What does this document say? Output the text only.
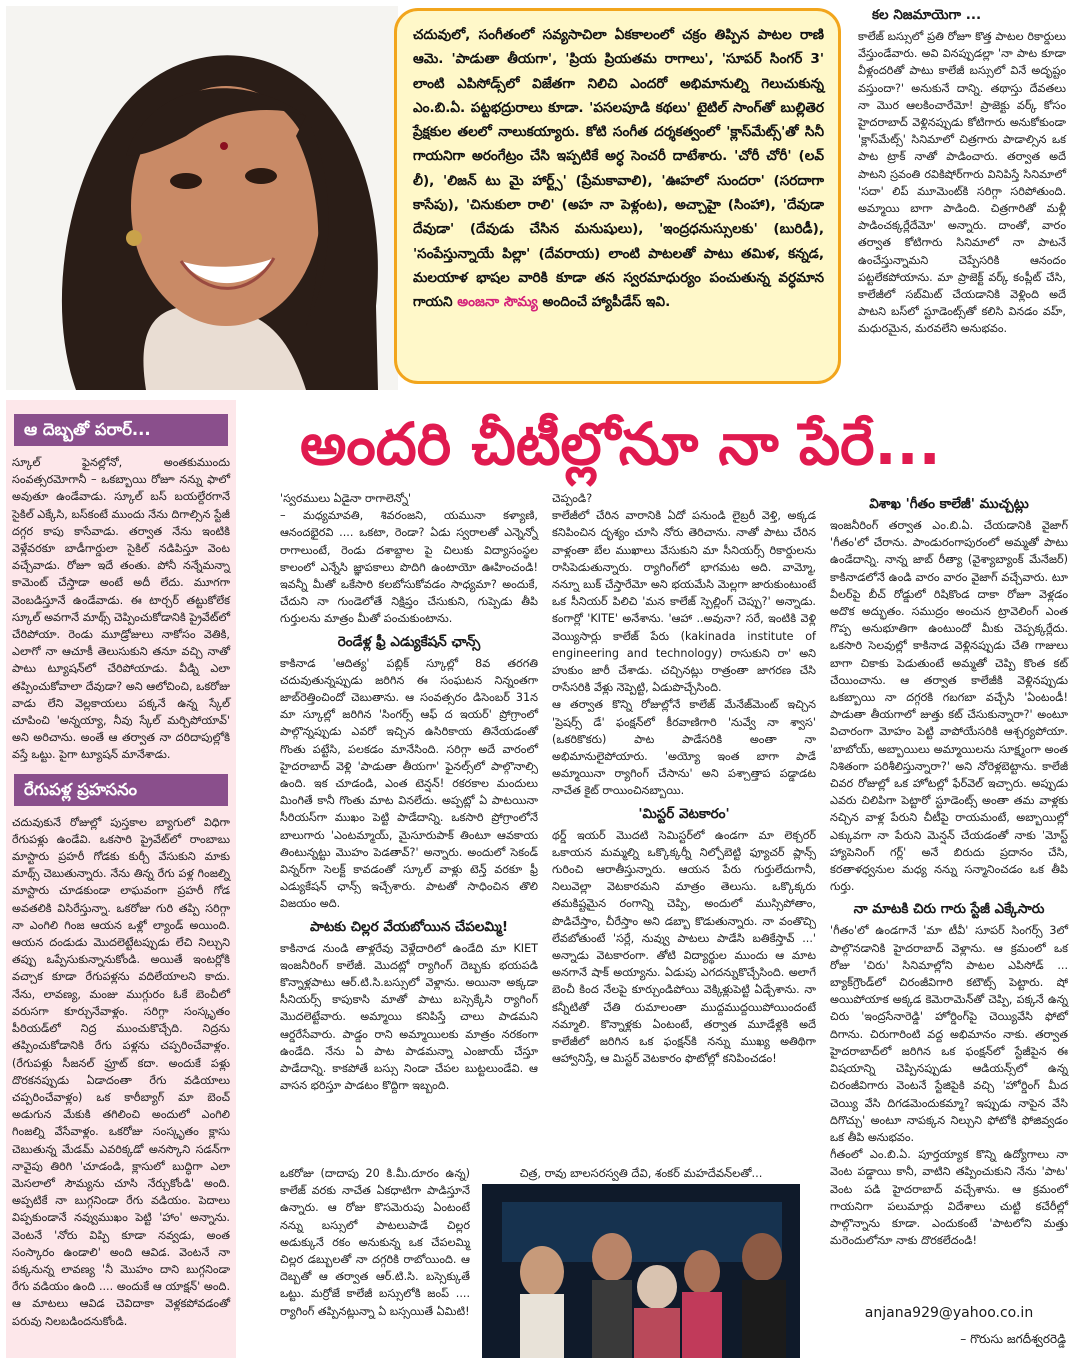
చదువులో, సంగీతంలో సవ్యసాచిలా ఏకకాలంలో చక్రం తిప్పిన పాటల రాణి ఆమె. 'పాడుతా తీయగా', 'ప్రియ ప్రియతమ రాగాలు', 'సూపర్ సింగర్ 3' లాంటి ఎపిసోడ్స్‌లో విజేతగా నిలిచి ఎందరో అభిమానుల్ని గెలుచుకున్న ఎం.బి.ఏ. పట్టభద్రురాలు కూడా. 'పసలపూడి కథలు' టైటిల్ సాంగ్‌తో బుల్లితెర ప్రేక్షకుల తలలో నాలుకయ్యారు. కోటి సంగీత దర్శకత్వంలో 'క్లాస్‌మేట్స్'తో సినీ గాయనిగా అరంగేట్రం చేసి ఇప్పటికే అర్ధ సెంచరీ దాటేశారు. 'చోరీ చోరీ' (లవ్ లీ), 'లిజన్ టు మై హార్ట్స్' (ప్రేమకావాలి), 'ఊహలో సుందరా' (సరదాగా కాసేపు), 'చినుకులా రాలి' (అహ నా పెళ్లంట), అచ్చాహై (సింహా), 'దేవుడా దేవుడా' (దేవుడు చేసిన మనుషులు), 'ఇంద్రధనుస్సులకు' (బురిడీ), 'సంపేస్తున్నాయే పిల్లా' (దేవరాయ) లాంటి పాటలతో పాటు తమిళ, కన్నడ, మలయాళ భాషల వారికి కూడా తన స్వరమాధుర్యం పంచుతున్న వర్ధమాన గాయని అంజనా సౌమ్య అందించే హ్యాపీడేస్ ఇవి.

కల నిజమాయెగా ...

కాలేజ్ బస్సులో ప్రతి రోజూ కొత్త పాటల రికార్డులు వేస్తుండేవారు. అవి వినప్పుడల్లా 'నా పాట కూడా వీళ్లందరితో పాటు కాలేజీ బస్సులో వినే అదృష్టం వస్తుందా?' అనుకునే దాన్ని. తథాస్తు దేవతలు నా మొర ఆలకించారేమో! ప్రాజెక్టు వర్క్ కోసం హైదరాబాద్ వెళ్లినప్పుడు కోటిగారు అనుకోకుండా 'క్లాస్‌మేట్స్' సినిమాలో చిత్రగారు పాడాల్సిన ఒక పాట ట్రాక్ నాతో పాడించారు. తర్వాత అదే పాటని స్రవంతి రవికిషోర్‌గారు వినిపిస్తే సినిమాలో 'సదా' లిప్ మూమెంట్‌కి సరిగ్గా సరిపోతుంది. అమ్మాయి బాగా పాడింది. చిత్రగారితో మళ్లీ పాడించక్కర్లేదేమో' అన్నారు. దాంతో, వారం తర్వాత కోటిగారు సినిమాలో నా పాటనే ఉంచేస్తున్నామని చెప్పేసరికి ఆనందం పట్టలేకపోయాను. మా ప్రాజెక్ట్ వర్క్ కంప్లీట్ చేసి, కాలేజీలో సబ్‌మిట్ చేయడానికి వెళ్లింది అదే పాటని బస్‌లో స్టూడెంట్స్‌తో కలిసి వినడం వహ్, మధురమైన, మరవలేని అనుభవం.

ఆ దెబ్బతో పరార్...

స్కూల్ ఫైనల్లోనో, అంతకుముందు సంవత్సరమోగానీ – ఒకబ్బాయి రోజూ నన్ను ఫాలో అవుతూ ఉండేవాడు. స్కూల్ బస్ బయల్దేరగానే సైకిల్ ఎక్కేసి, బస్‌కంటే ముందు నేను దిగాల్సిన స్టేజీ దగ్గర కాపు కాసేవాడు. తర్వాత నేను ఇంటికి వెళ్లేవరకూ బాడీగార్డులా సైకిల్ నడిపిస్తూ వెంట వచ్చేవాడు. రోజూ ఇదే తంతు. పోనీ నన్నేమన్నా కామెంట్ చేస్తాడా అంటే అదీ లేదు. మూగగా వెంబడిస్తూనే ఉండేవాడు. ఈ టార్చర్ తట్టుకోలేక స్కూల్ అవగానే మాథ్స్ చెప్పించుకోడానికి ప్రైవేట్‌లో చేరిపోయా. రెండు మూడ్రోజులు నాకోసం వెతికి, ఎలాగో నా ఆచూకీ తెలుసుకుని తనూ వచ్చి నాతో పాటు ట్యూషన్‌లో చేరిపోయాడు. వీడ్ని ఎలా తప్పించుకోవాలా దేవుడా? అని ఆలోచించి, ఒకరోజు వాడు లేని వెల్లకాయలు పక్కనే ఉన్న స్కేల్ చూపించి 'అన్నయ్యా, నీవు స్కేల్ మర్చిపోయావ్' అని అరిచాను. అంతే ఆ తర్వాత నా దరిదాపుల్లోకి వస్తే ఒట్టు. పైగా ట్యూషన్ మానేశాడు.

రేగుపళ్ల ప్రహసనం

చదువుకునే రోజుల్లో పుస్తకాల బ్యాగులో విధిగా రేగుపళ్లు ఉండేవి. ఒకసారి ప్రైవేట్‌లో రాంబాబు మాస్టారు ప్రహరీ గోడకు కుర్చీ వేసుకుని మాకు మాథ్స్ చెబుతున్నారు. నేను తిన్న రేగు పళ్ల గింజల్ని మాస్టారు చూడకుండా లాఘవంగా ప్రహరీ గోడ అవతలికి విసిరేస్తున్నా. ఒకరోజు గురి తప్పి సరిగ్గా నా ఎంగిలి గింజ ఆయన ఒళ్లో ల్యాండ్ అయింది. ఆయన దండుడు మొదలెట్టేటప్పుడు లేచి నిల్చుని తప్పు ఒప్పేసుకున్నానుకోండి. అయితే ఇంటర్లోకి వచ్చాక కూడా రేగుపళ్లను వదిలేయాలని కాదు. నేను, లావణ్య, మంజు ముగ్గురం ఓకే బెంచీలో వరుసగా కూర్చునేవాళ్లం. సరిగ్గా సంస్కృతం పీరియడ్‌లో నిద్ర ముంచుకొచ్చేది. నిద్రను తప్పించుకోడానికి రేగు పళ్లను చప్పరించేవాళ్లం. (రేగుపళ్లు సీజనల్ ఫ్రూట్ కదా. అందుకే పళ్లు దొరకనప్పుడు ఏడాదంతా రేగు వడియాలు చప్పరించేవాళ్లం) ఒక కారీబ్యాగ్ మా బెంచ్ అడుగున మేకుకి తగిలించి అందులో ఎంగిలి గింజల్ని వేసేవాళ్లం. ఒకరోజు సంస్కృతం క్లాసు చెబుతున్న మేడమ్ ఎవరిక్కడో అనస్కొని సడన్‌గా నావైపు తిరిగి 'చూడండి, క్లాసులో బుద్ధిగా ఎలా మెసలాలో సౌమ్యను చూసి నేర్చుకోండి' అంది. అప్పటికే నా బుగ్గనిండా రేగు వడియం. పెదాలు విప్పకుండానే నవ్వుముఖం పెట్టి 'హాం' అన్నాను. వెంటనే 'నోరు విప్పి కూడా నవ్వడు, అంత సంస్కారం ఉండాలి' అంది ఆవిడ. వెంటనే నా పక్కనున్న లావణ్య 'నీ మొహం దాని బుగ్గనిండా రేగు వడియం ఉంది .... అందుకే ఆ యాక్షన్' అంది. ఆ మాటలు ఆవిడ చెవిదాకా వెళ్లకపోవడంతో పరువు నిలబడిందనుకోండి.

అందరి చీటీల్లోనూ నా పేరే...

'స్వరములు ఏడైనా రాగాలెన్నో'

– మధ్యమావతి, శివరంజని, యమునా కళ్యాణి, ఆనందభైరవి .... ఒకటా, రెండా? ఏడు స్వరాలతో ఎన్నెన్నో రాగాలుంటే, రెండు దశాబ్దాల పై చిలుకు విద్యాసంస్థల కాలంలో ఎన్నేసి జ్ఞాపకాలు పొదిగి ఉంటాయో ఊహించండి! ఇవన్నీ మీతో ఒకేసారి కలబోసుకోవడం సాధ్యమా? అందుకే, చేదుని నా గుండెలోతే నిక్షిప్తం చేసుకుని, గుప్పెడు తీపి గుర్తులను మాత్రం మీతో పంచుకుంటాను.

రెండేళ్ల ఫ్రీ ఎడ్యుకేషన్ ఛాన్స్

కాకినాడ 'ఆదిత్య' పబ్లిక్ స్కూల్లో 8వ తరగతి చదువుతున్నప్పుడు జరిగిన ఈ సంఘటన నిన్నంతగా జాబ్‌రెత్తించిందో చెబుతాను. ఆ సంవత్సరం డిసెంబర్ 31న మా స్కూల్లో జరిగిన 'సింగర్స్ ఆఫ్ ద ఇయర్' ప్రోగ్రాంలో పాల్గొన్నప్పుడు ఎవరో ఇచ్చిన ఉసిరికాయ తినేయడంతో గొంతు పట్టేసి, పలకడం మానేసింది. సరిగ్గా అదే వారంలో హైదరాబాద్ వెళ్లి 'పాడుతా తీయగా' ఫైనల్స్‌లో పాల్గొనాల్సి ఉంది. ఇక చూడండి, ఎంత టెన్షన్! రకరకాల మందులు మింగితే కానీ గొంతు మాట వినలేదు. అప్పట్లో ఏ పాటయినా సీరియస్‌గా ముఖం పెట్టి పాడేదాన్ని. ఒకసారి ప్రోగ్రాంలోనే బాలుగారు 'ఎంటమ్మాయ్, మైసూరుపాక్ తింటూ ఆవకాయ తింటున్నట్టు మొహం పెడతావ్?' అన్నారు. అందులో సెకండ్ విన్నర్‌గా సెలక్ట్ కావడంతో స్కూల్ వాళ్లు టెన్త్ వరకూ ఫ్రీ ఎడ్యుకేషన్ ఛాన్స్ ఇచ్చేశారు. పాటతో సాధించిన తొలి విజయం అది.

పాటకు చిల్లర వేయబోయిన చేపలమ్మి!

కాకినాడ నుండి తాళ్లరేవు వెళ్లేదారిలో ఉండేది మా KIET ఇంజనీరింగ్ కాలేజీ. మొదట్లో ర్యాగింగ్ దెబ్బకు భయపడి కొన్నాళ్లపాటు ఆర్.టి.సి.బస్సులో వెళ్లాను. అయినా అక్కడా సీనియర్స్ కాపుకాసి మాతో పాటు బస్సెక్కేసి ర్యాగింగ్ మొదలెట్టేవారు. అమ్మాయి కనిపిస్తే చాలు పాడమని ఆర్డరేసేవారు. పాడ్డం రాని అమ్మాయిలకు మాత్రం నరకంగా ఉండేది. నేను ఏ పాట పాడమన్నా ఎంజాయ్ చేస్తూ పాడేదాన్ని. కాకపోతే బస్సు నిండా చేపల బుట్టలుండేవి. ఆ వాసన భరిస్తూ పాడటం కొద్దిగా ఇబ్బంది.

ఒకరోజు (దాదాపు 20 కి.మీ.దూరం ఉన్న) కాలేజ్ వరకు నాచేత ఏకధాటిగా పాడిస్తూనే ఉన్నారు. ఆ రోజు కొసమెరుపు ఏంటంటే నన్ను బస్సులో పాటలుపాడే చిల్లర అడుక్కునే రకం అనుకున్న ఒక చేపలమ్మి చిల్లర డబ్బులతో నా దగ్గరికి రాబోయింది. ఆ దెబ్బతో ఆ తర్వాత ఆర్.టి.సి. బస్సెక్కుతే ఒట్టు. మర్రోజే కాలేజీ బస్సులోకి జంప్ .... ర్యాగింగ్ తప్పినట్లున్నా ఏ బస్సయితే ఏమిటి!

చెప్పండి?

కాలేజీలో చేరిన వారానికి ఏదో పనుండి లైబ్రరీ వెళ్తి, అక్కడ కనిపించిన దృశ్యం చూసి నోరు తెరిచాను. నాతో పాటు చేరిన వాళ్లంతా బేల ముఖాలు వేసుకుని మా సీనియర్స్ రికార్డులను రాసిపెడుతున్నారు. ర్యాగింగ్‌లో భాగమట అది. వామ్మో, నన్నూ బుక్ చేస్తారేమో అని భయమేసి మెల్లగా జారుకుంటుంటే ఒక సీనియర్ పిలిచి 'మన కాలేజ్ స్పెల్లింగ్ చెప్పు?' అన్నాడు. కంగార్లో 'KITE' అనేశాను. 'ఆహా ..అవునా? సరే, ఇంటికి వెళ్లి వెయ్యిసార్లు కాలేజ్ పేరు (kakinada institute of engineering and technology) రాసుకుని రా' అని హుకుం జారీ చేశాడు. చచ్చినట్లు రాత్రంతా జాగరణ చేసి రాసేసరికి వేళ్లు నెప్పెట్టి, ఏడుపొచ్చేసింది.

ఆ తర్వాత కొన్ని రోజుల్లోనే కాలేజ్ మేనేజ్‌మెంట్ ఇచ్చిన 'ప్రెషర్స్ డే' ఫంక్షన్‌లో కీరవాణిగారి 'నువ్వే నా శ్వాస' (ఒకరికొకరు) పాట పాడేసరికి అంతా నా అభిమానులైపోయారు. 'అయ్యో ఇంత బాగా పాడే అమ్మాయినా ర్యాగింగ్ చేసాను' అని పశ్చాత్తాప పడ్డాడట నాచేత కైట్ రాయించినబ్బాయి.

'మిస్టర్ వెటకారం'

థర్డ్ ఇయర్ మొదటి సెమిస్టర్‌లో ఉండగా మా లెక్చరర్ ఒకాయన మమ్మల్ని ఒక్కొక్కర్నీ నిల్చోబెట్టి ఫ్యూచర్ ప్లాన్స్ గురించి ఆరాతీస్తున్నారు. ఆయన పేరు గుర్తులేదుగానీ, నిలువెల్లా వెటకారమని మాత్రం తెలుసు. ఒక్కొక్కరు తమకిష్టమైన రంగాన్ని చెప్పి, అందులో ముస్సిపోతాం, పొడిచేస్తాం, చీరేస్తాం అని డబ్బా కొడుతున్నారు. నా వంతొచ్చి లేవబోతుంటే 'సర్లే, నువ్వు పాటలు పాడేసి బతికేస్తావ్ ...' అన్నాడు వెటకారంగా. తోటి విద్యార్థుల ముందు ఆ మాట అనగానే షాక్ అయ్యాను. ఏడుపు ఎగదన్నుకొచ్చేసింది. అలాగే బెంచీ కింద నేలపై కూర్చుండిపోయి వెక్కిళ్లుపెట్టి ఏడ్చేశాను. నా కన్నీటితో చేతి రుమాలంతా ముద్దముద్దయిపోయిందంటే నమ్మాలి. కొన్నాళ్లకు ఏంటంటే, తర్వాత మూడేళ్లకి అదే కాలేజీలో జరిగిన ఒక ఫంక్షన్‌కి నన్ను ముఖ్య అతిథిగా ఆహ్వానిస్తే, ఆ మిస్టర్ వెటకారం ఫొటోల్లో కనిపించడం!

చిత్ర, రావు బాలసరస్వతి దేవి, శంకర్ మహదేవన్‌లతో...
విశాఖ 'గీతం కాలేజీ' ముచ్చట్లు

ఇంజనీరింగ్ తర్వాత ఎం.బి.ఏ. చేయడానికి వైజాగ్ 'గీతం'లో చేరాను. పాండురంగాపురంలో అమ్మతో పాటు ఉండేదాన్ని. నాన్న జాబ్ రీత్యా (వైశ్యాబ్యాంక్ మేనేజర్) కాకినాడలోనే ఉండి వారం వారం వైజాగ్ వచ్చేవారు. టూ వీలర్‌పై బీచ్ రోడ్డులో రిషికొండ దాకా రోజూ వెళ్లడం అదొక అద్భుతం. సముద్రం అంచున ట్రావెలింగ్ ఎంత గొప్ప అనుభూతిగా ఉంటుందో మీకు చెప్పక్కర్లేదు. ఒకసారి సెలవుల్లో కాకినాడ వెళ్లినప్పుడు చేతి గాజులు బాగా చికాకు పెడుతుంటే అమ్మతో చెప్పి కొంత కట్ చేయించాను. ఆ తర్వాత కాలేజీకి వెళ్లినప్పుడు ఒకబ్బాయి నా దగ్గరకి గబగబా వచ్చేసి 'ఏంటండీ! పాడుతా తీయగాలో జుత్తు కట్ చేసుకున్నారా?' అంటూ విచారంగా మోహం పెట్టి వాపోయేసరికి ఆశ్చర్యపోయా. 'బాబోయ్, అబ్బాయిలు అమ్మాయిలను సూక్ష్మంగా అంత నిశితంగా పరిశీలిస్తున్నారా?' అని నోరెళ్లబెట్టాను. కాలేజీ చివర రోజుల్లో ఒక హోటల్లో ఫేర్‌వెల్ ఇచ్చారు. అప్పుడు ఎవరు చిలిపిగా పెట్టారో స్టూడెంట్స్ అంతా తమ వాళ్లకు నచ్చిన వాళ్ల పేరుని చీటీపై రాయమంటే, అబ్బాయిల్లో ఎక్కువగా నా పేరుని మెన్షన్ చేయడంతో నాకు 'మోస్ట్ హ్యాపెనింగ్ గర్ల్' అనే బిరుదు ప్రదానం చేసి, కరతాళధ్వనుల మధ్య నన్ను సన్మానించడం ఒక తీపి గుర్తు.

నా మాటకి చిరు గారు స్టేజీ ఎక్కేసారు

'గీతం'లో ఉండగానే 'మా టీవీ' సూపర్ సింగర్స్ 3లో పాల్గొనడానికి హైదరాబాద్ వెళ్లాను. ఆ క్రమంలో ఒక రోజు 'చిరు' సినిమాల్లోని పాటల ఎపిసోడ్ ... బ్యాక్‌గ్రౌండ్‌లో చిరంజీవిగారి కటౌట్స్ పెట్టారు. షో అయిపోయాక అక్కడ కెమెరామెన్‌తో చెప్పి, పక్కనే ఉన్న చిరు 'ఇంద్రసేనారెడ్డి' హోర్డింగ్‌పై చెయ్యివేసి ఫోటో దిగాను. చిరుగారింటి వద్ద అభిమానం నాకు. తర్వాత హైదరాబాద్‌లో జరిగిన ఒక ఫంక్షన్‌లో స్టేజీపైన ఈ విషయాన్ని చెప్పినప్పుడు ఆడియన్స్‌లో ఉన్న చిరంజీవిగారు వెంటనే స్టేజిపైకి వచ్చి 'హోర్డింగ్ మీద చెయ్యి వేసి దిగడమెందుకమ్మా? ఇప్పుడు నాపైన వేసి దిగొచ్చు' అంటూ నాపక్కన నిల్చుని ఫోటోకి ఫోజివ్వడం ఒక తీపి అనుభవం.

గీతంలో ఎం.బి.ఏ. పూర్తయ్యాక కొన్ని ఉద్యోగాలు నా వెంట పడ్డాయి కానీ, వాటిని తప్పించుకుని నేను 'పాట' వెంట పడి హైదరాబాద్ వచ్చేశాను. ఆ క్రమంలో గాయనిగా పలుమార్లు విదేశాలు చుట్టి కచేరీల్లో పాల్గొన్నాను కూడా. ఎందుకంటే 'పాటలోని మత్తు మరెందులోనూ నాకు దొరకలేదండి!

anjana929@yahoo.co.in
– గొరుసు జగదీశ్వరరెడ్డి
